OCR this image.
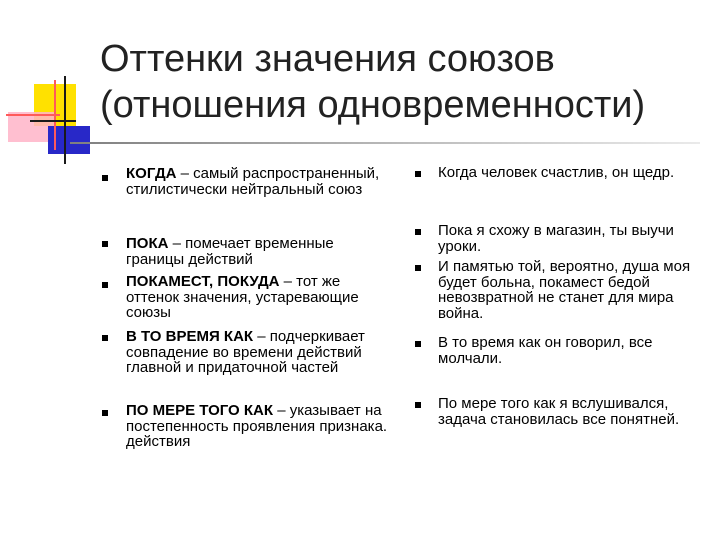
Оттенки значения союзов
(отношения одновременности)

КОГДА – самый распространенный, стилистически нейтральный союз

ПОКА – помечает временные границы действий

ПОКАМЕСТ, ПОКУДА – тот же оттенок значения, устаревающие союзы

В ТО ВРЕМЯ КАК – подчеркивает совпадение во времени действий главной и придаточной частей

ПО МЕРЕ ТОГО КАК – указывает на постепенность проявления признака. действия

Когда человек счастлив, он щедр.

Пока я схожу в магазин, ты выучи уроки.

И памятью той, вероятно, душа моя будет больна, покамест бедой невозвратной не станет для мира война.

В то время как он говорил, все молчали.

По мере того как я вслушивался, задача становилась все понятней.
